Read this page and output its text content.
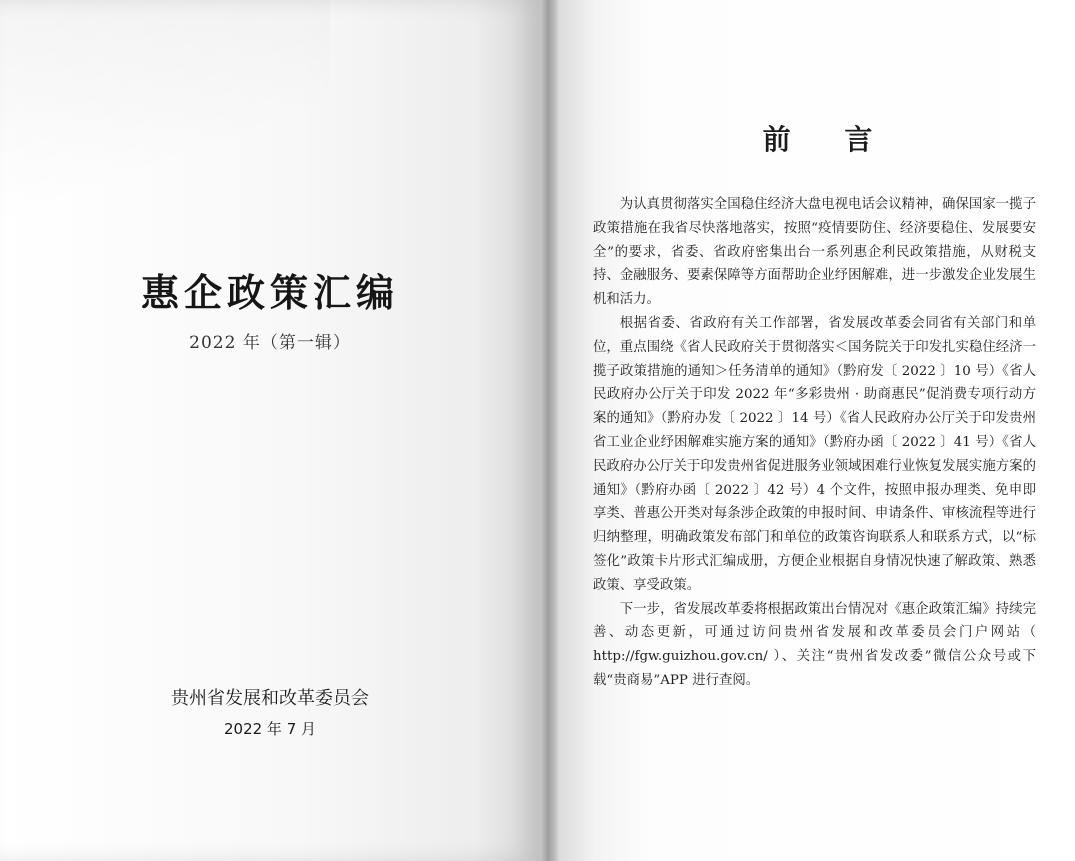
惠企政策汇编
2022 年（第一辑）
贵州省发展和改革委员会
2022 年 7 月
前 言

为认真贯彻落实全国稳住经济大盘电视电话会议精神，确保国家一揽子政策措施在我省尽快落地落实，按照“疫情要防住、经济要稳住、发展要安全”的要求，省委、省政府密集出台一系列惠企利民政策措施，从财税支持、金融服务、要素保障等方面帮助企业纾困解难，进一步激发企业发展生机和活力。

根据省委、省政府有关工作部署，省发展改革委会同省有关部门和单位，重点围绕《省人民政府关于贯彻落实＜国务院关于印发扎实稳住经济一揽子政策措施的通知＞任务清单的通知》（黔府发〔 2022 〕10 号）《省人民政府办公厅关于印发 2022 年“多彩贵州 · 助商惠民”促消费专项行动方案的通知》（黔府办发〔 2022 〕14 号）《省人民政府办公厅关于印发贵州省工业企业纾困解难实施方案的通知》（黔府办函〔 2022 〕41 号）《省人民政府办公厅关于印发贵州省促进服务业领域困难行业恢复发展实施方案的通知》（黔府办函〔 2022 〕42 号）4 个文件，按照申报办理类、免申即享类、普惠公开类对每条涉企政策的申报时间、申请条件、审核流程等进行归纳整理，明确政策发布部门和单位的政策咨询联系人和联系方式，以“标签化”政策卡片形式汇编成册，方便企业根据自身情况快速了解政策、熟悉政策、享受政策。

下一步，省发展改革委将根据政策出台情况对《惠企政策汇编》持续完善、动态更新，可通过访问贵州省发展和改革委员会门户网站（ http://fgw.guizhou.gov.cn/ ）、关注“贵州省发改委”微信公众号或下载“贵商易”APP 进行查阅。
